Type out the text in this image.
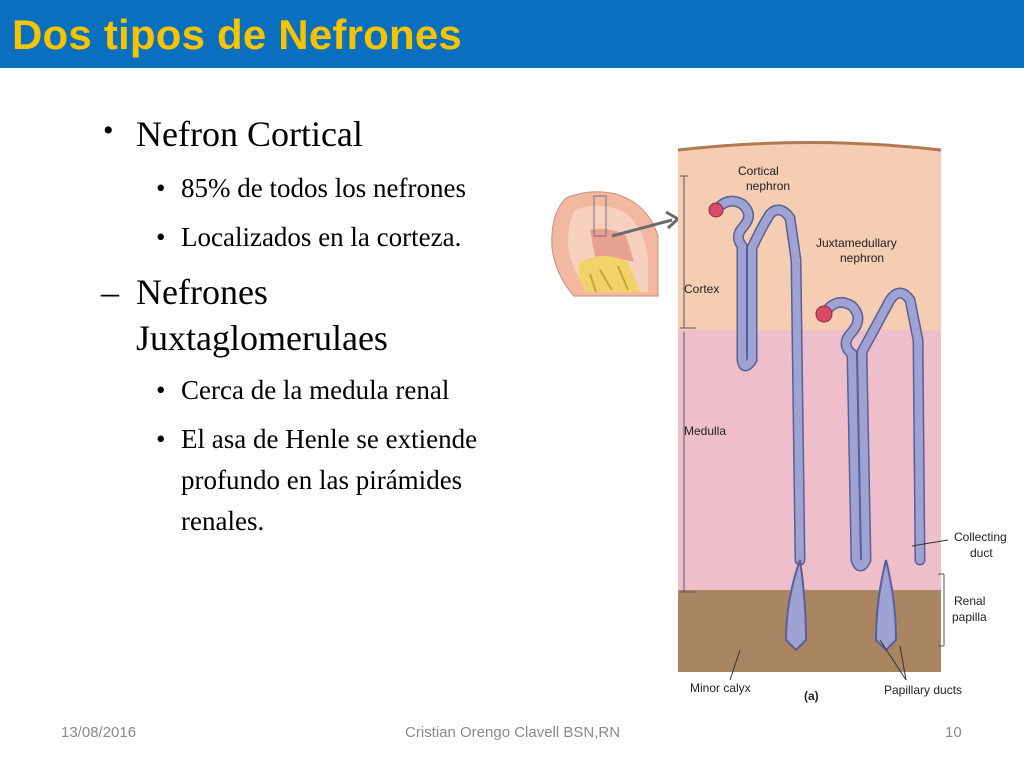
Dos tipos de Nefrones
• Nefron Cortical
• 85% de todos los nefrones
• Localizados en la corteza.
– Nefrones
Juxtaglomerulaes
• Cerca de la medula renal
• El asa de Henle se extiende
profundo en las pirámides
renales.
Cortical
nephron
Juxtamedullary
nephron
Cortex
Medulla
Collecting
duct
Renal
papilla
Minor calyx
(a)	Papillary ducts
13/08/2016	Cristian Orengo Clavell BSN,RN	10
